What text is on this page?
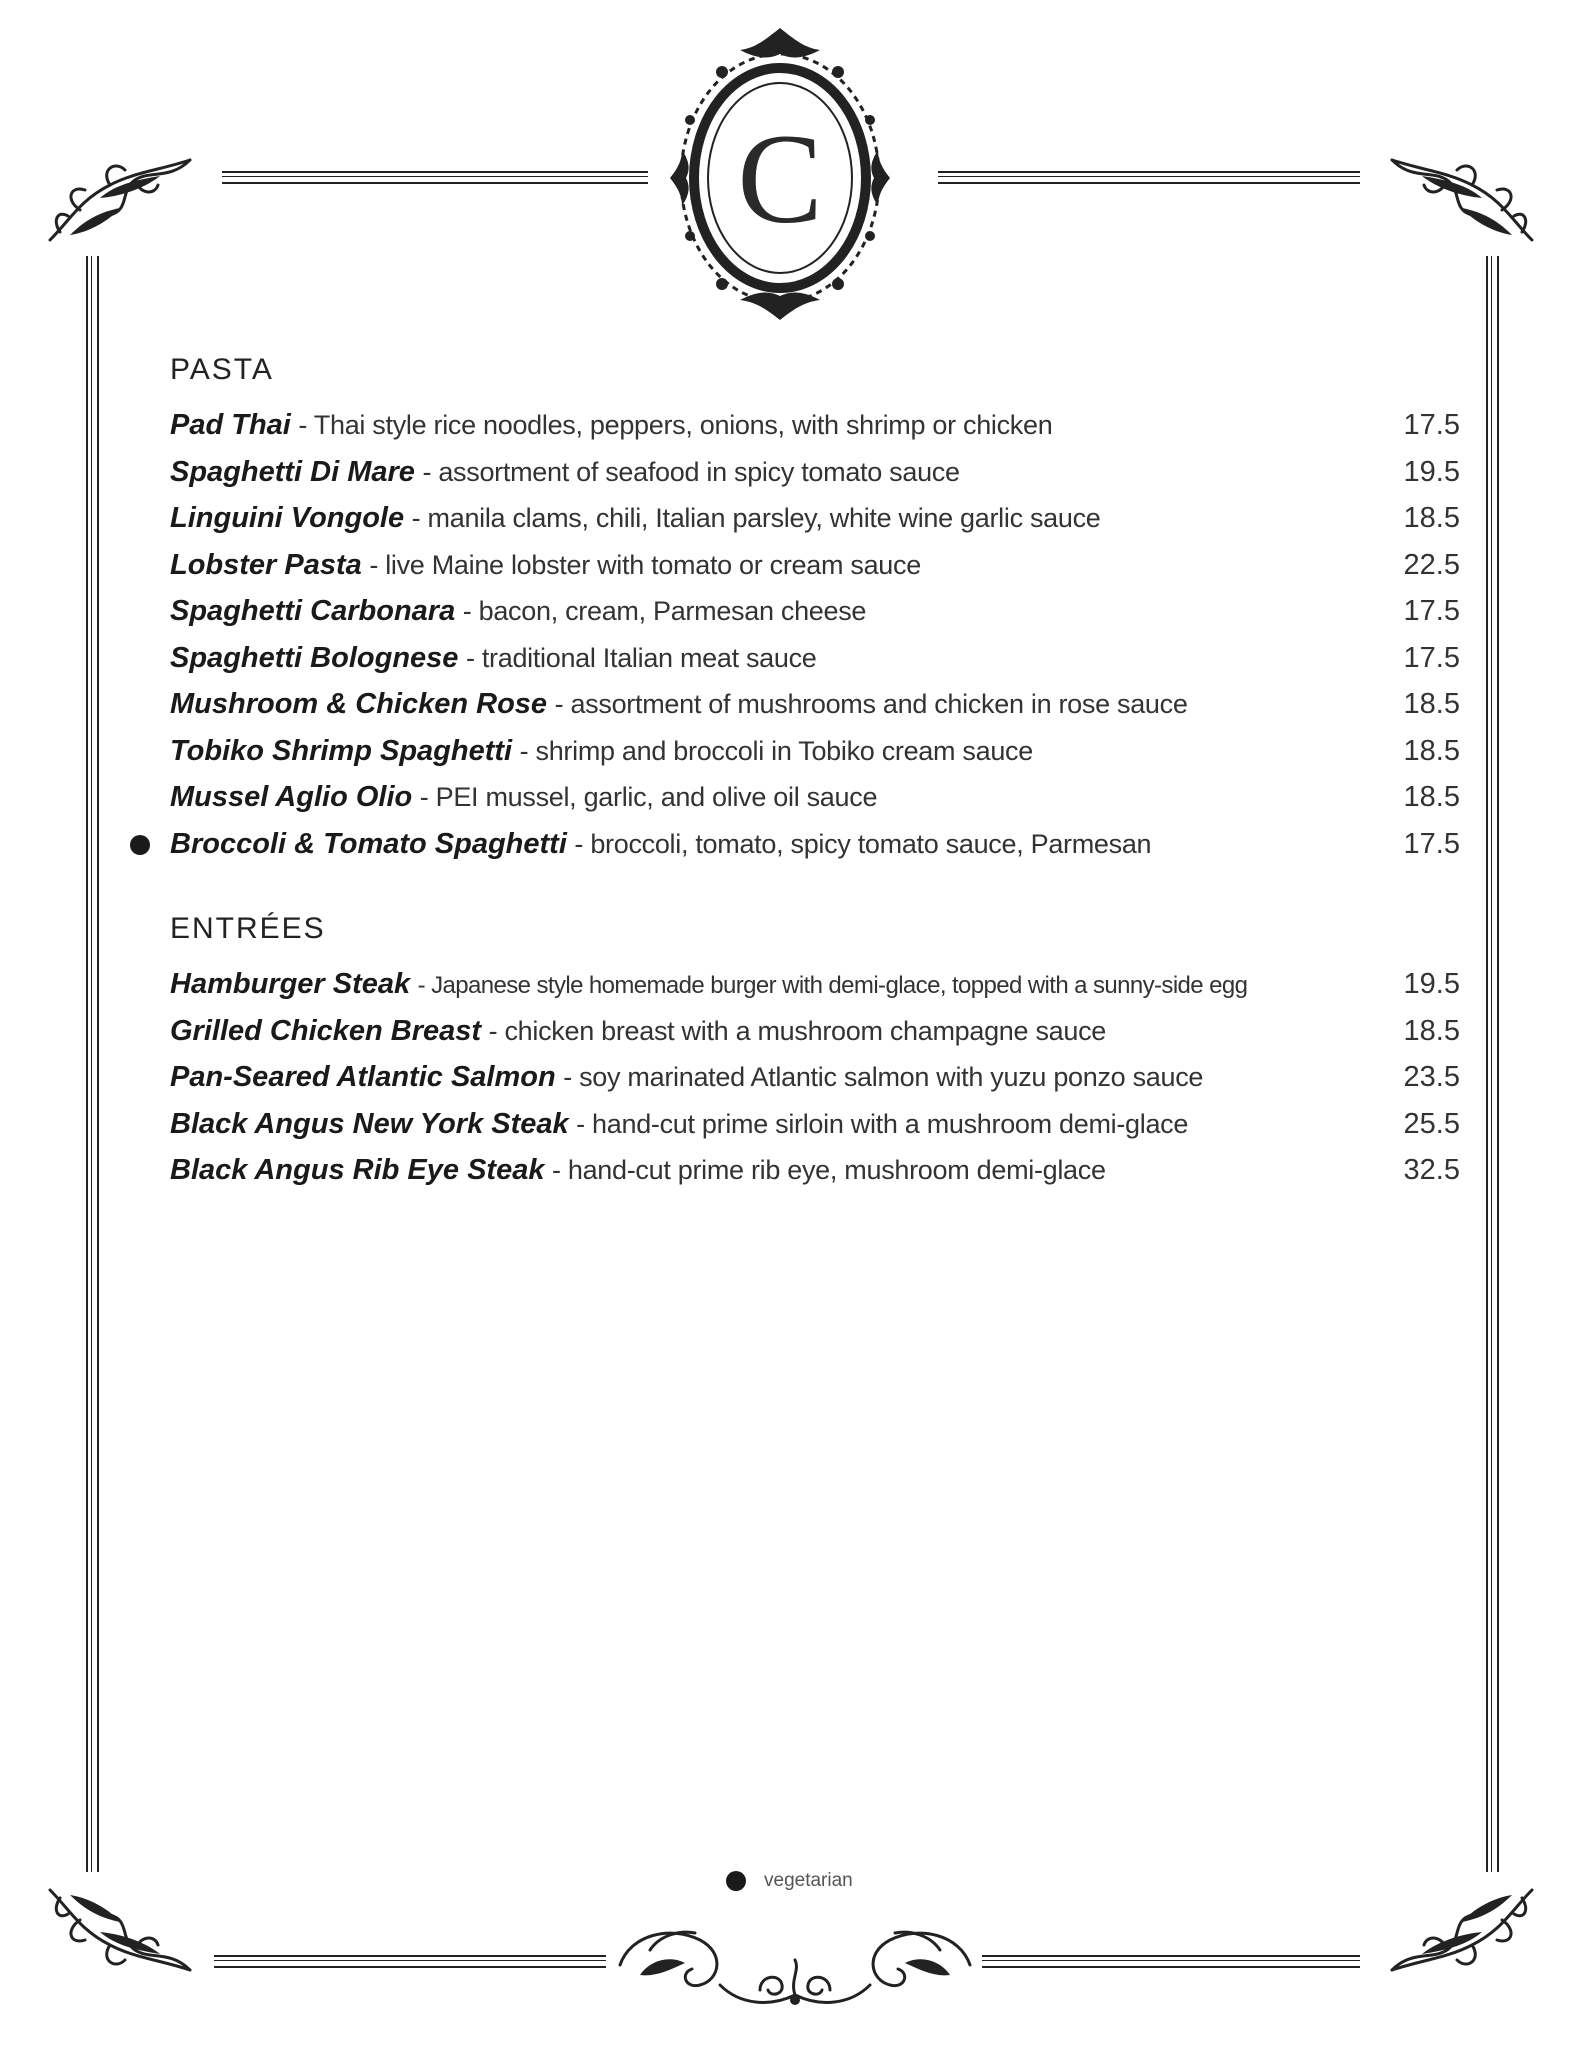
C
PASTA
Pad Thai - Thai style rice noodles, peppers, onions, with shrimp or chicken	17.5
Spaghetti Di Mare - assortment of seafood in spicy tomato sauce	19.5
Linguini Vongole - manila clams, chili, Italian parsley, white wine garlic sauce	18.5
Lobster Pasta - live Maine lobster with tomato or cream sauce	22.5
Spaghetti Carbonara - bacon, cream, Parmesan cheese	17.5
Spaghetti Bolognese - traditional Italian meat sauce	17.5
Mushroom & Chicken Rose - assortment of mushrooms and chicken in rose sauce	18.5
Tobiko Shrimp Spaghetti - shrimp and broccoli in Tobiko cream sauce	18.5
Mussel Aglio Olio - PEI mussel, garlic, and olive oil sauce	18.5
Broccoli & Tomato Spaghetti - broccoli, tomato, spicy tomato sauce, Parmesan	17.5
ENTRÉES
Hamburger Steak - Japanese style homemade burger with demi-glace, topped with a sunny-side egg	19.5
Grilled Chicken Breast - chicken breast with a mushroom champagne sauce	18.5
Pan-Seared Atlantic Salmon - soy marinated Atlantic salmon with yuzu ponzo sauce	23.5
Black Angus New York Steak - hand-cut prime sirloin with a mushroom demi-glace	25.5
Black Angus Rib Eye Steak - hand-cut prime rib eye, mushroom demi-glace	32.5
vegetarian
